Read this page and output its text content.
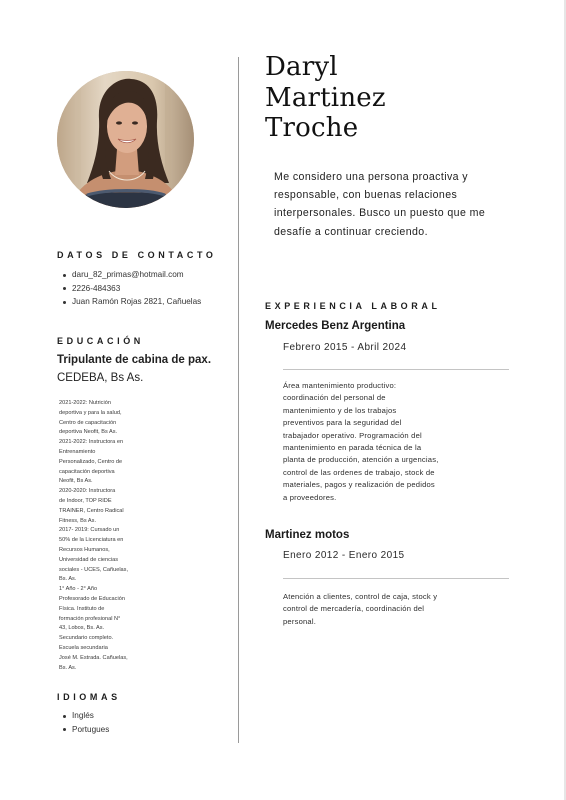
DATOS DE CONTACTO
daru_82_primas@hotmail.com
2226-484363
Juan Ramón Rojas 2821, Cañuelas
EDUCACIÓN
Tripulante de cabina de pax. CEDEBA, Bs As.
2021-2022: Nutrición
deportiva y para la salud,
Centro de capacitación
deportiva Neofit, Bs As.
2021-2022: Instructora en
Entrenamiento
Personalizado, Centro de
capacitación deportiva
Neofit, Bs As.
2020-2020: Instructora
de Indoor, TOP RIDE
TRAINER, Centro Radical
Fitness, Bs As.
2017- 2019: Cursado un
50% de la Licenciatura en
Recursos Humanos,
Universidad de ciencias
sociales - UCES, Cañuelas,
Bs. As.
1° Año - 2° Año
Profesorado de Educación
Física. Instituto de
formación profesional N°
43, Lobos, Bs. As.
Secundario completo.
Escuela secundaria
José M. Estrada. Cañuelas,
Bs. As.
IDIOMAS
Inglés
Portugues
Daryl
Martinez
Troche
Me considero una persona proactiva y
responsable, con buenas relaciones
interpersonales. Busco un puesto que me
desafíe a continuar creciendo.
EXPERIENCIA LABORAL
Mercedes Benz Argentina
Febrero 2015 - Abril 2024
Área mantenimiento productivo:
coordinación del personal de
mantenimiento y de los trabajos
preventivos para la seguridad del
trabajador operativo. Programación del
mantenimiento en parada técnica de la
planta de producción, atención a urgencias,
control de las ordenes de trabajo, stock de
materiales, pagos y realización de pedidos
a proveedores.
Martinez motos
Enero 2012 - Enero 2015
Atención a clientes, control de caja, stock y
control de mercadería, coordinación del
personal.
